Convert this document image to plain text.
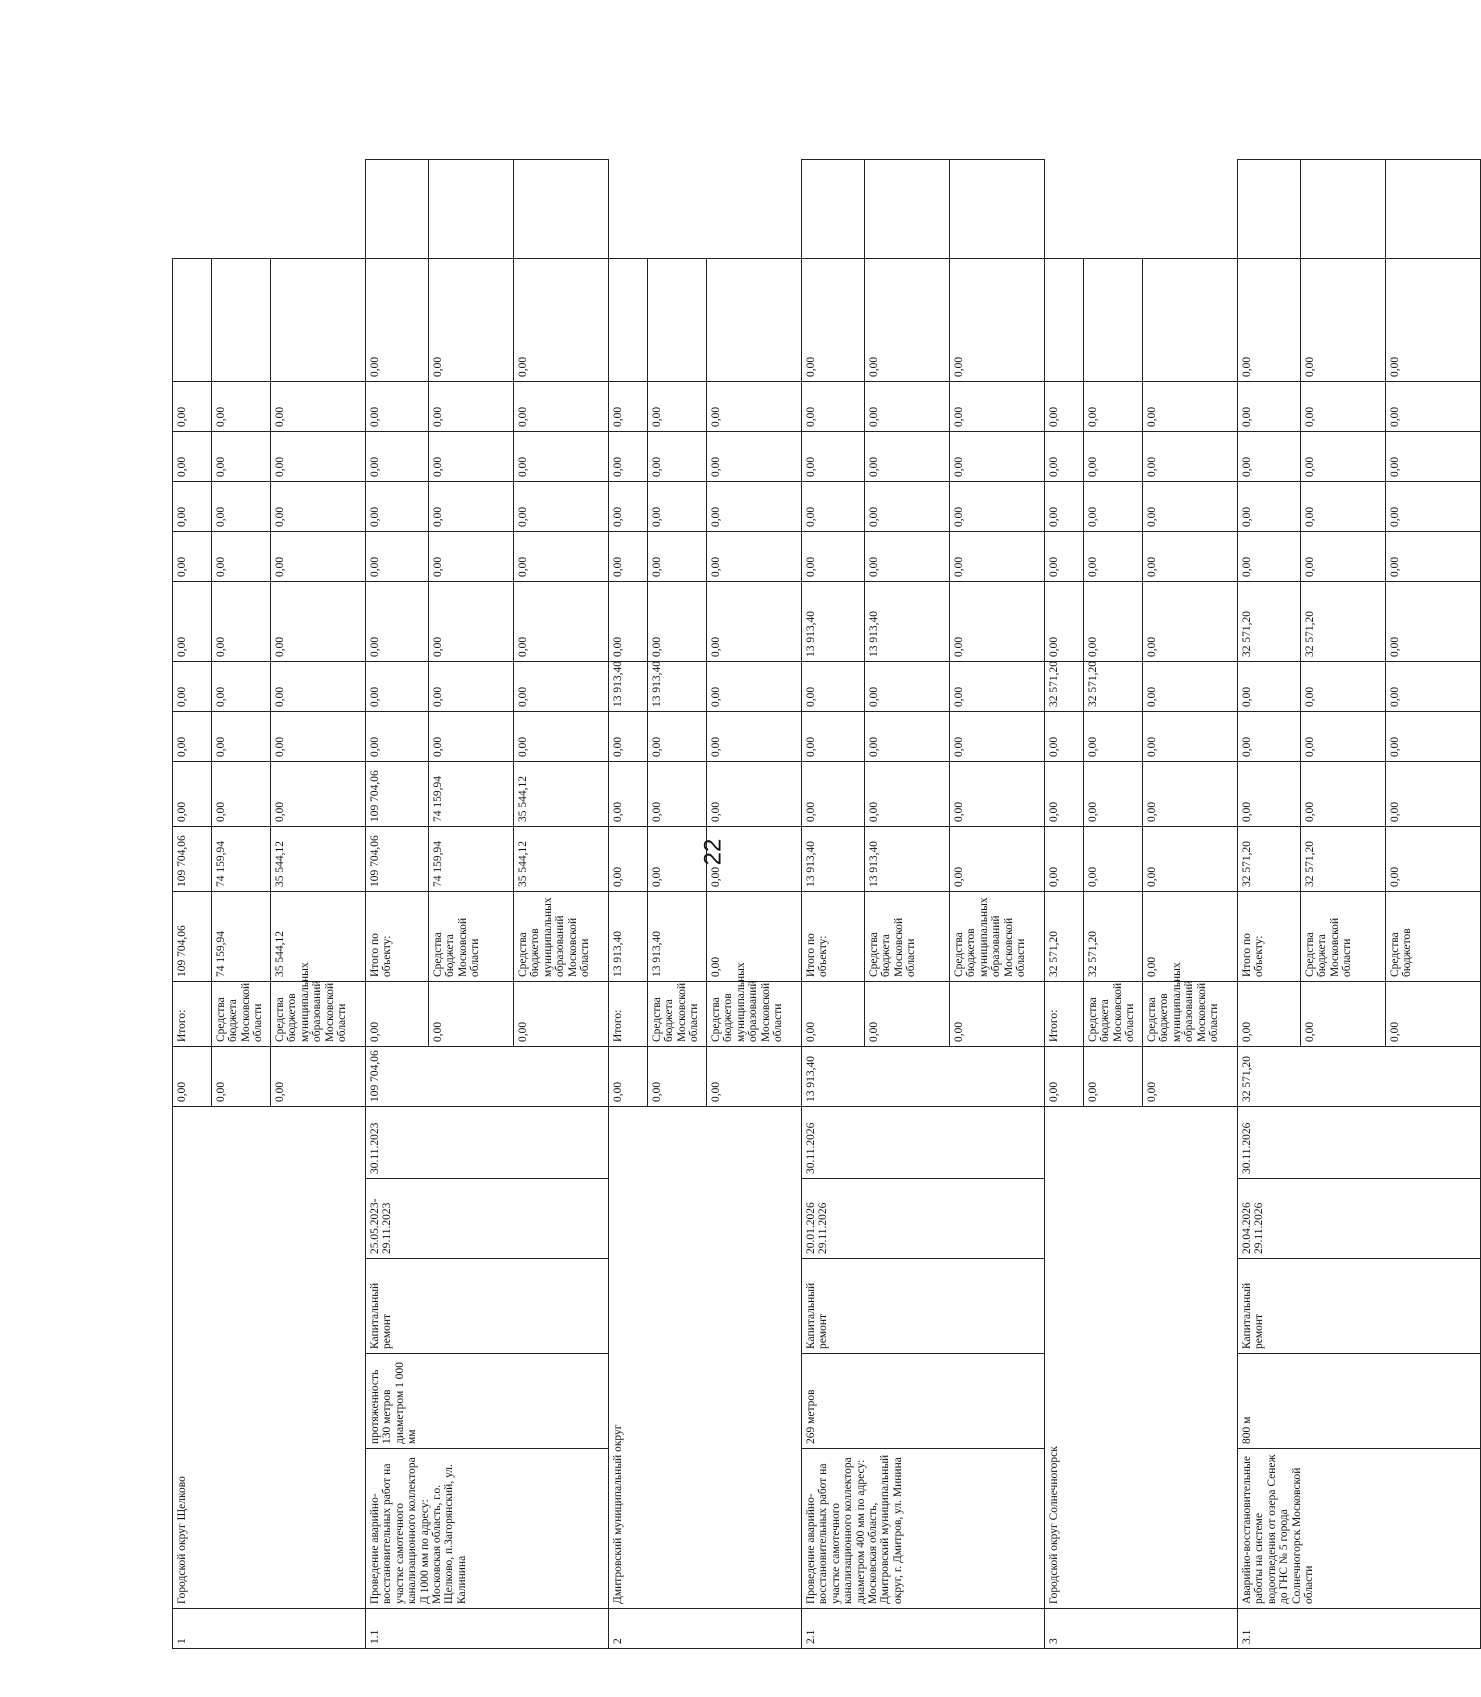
22
1	Городской округ Щелково					0,00	Итого:	109 704,06	109 704,06	0,00	0,00	0,00	0,00	0,00	0,00	0,00	0,00		
						0,00	Средства бюджета Московской области	74 159,94	74 159,94	0,00	0,00	0,00	0,00	0,00	0,00	0,00	0,00		
						0,00	Средства бюджетов муниципальных образований Московской области	35 544,12	35 544,12	0,00	0,00	0,00	0,00	0,00	0,00	0,00	0,00		
1.1	Проведение аварийно-восстановительных работ на участке самотечного канализационного коллектора Д 1000 мм по адресу: Московская область, г.о. Щелково, п.Загорянский, ул. Калинина	протяженность 130 метров диаметром 1 000 мм	Капитальный ремонт	25.05.2023-29.11.2023	30.11.2023	109 704,06	0,00	Итого по объекту:	109 704,06	109 704,06	0,00	0,00	0,00	0,00	0,00	0,00	0,00	0,00	
							0,00	Средства бюджета Московской области	74 159,94	74 159,94	0,00	0,00	0,00	0,00	0,00	0,00	0,00	0,00	
							0,00	Средства бюджетов муниципальных образований Московской области	35 544,12	35 544,12	0,00	0,00	0,00	0,00	0,00	0,00	0,00	0,00	
2	Дмитровский муниципальный округ					0,00	Итого:	13 913,40	0,00	0,00	0,00	13 913,40	0,00	0,00	0,00	0,00	0,00		
						0,00	Средства бюджета Московской области	13 913,40	0,00	0,00	0,00	13 913,40	0,00	0,00	0,00	0,00	0,00		
						0,00	Средства бюджетов муниципальных образований Московской области	0,00	0,00	0,00	0,00	0,00	0,00	0,00	0,00	0,00	0,00		
2.1	Проведение аварийно-восстановительных работ на участке самотечного канализационного коллектора диаметром 400 мм по адресу: Московская область, Дмитровский муниципальный округ, г. Дмитров, ул. Минина	269 метров	Капитальный ремонт	20.01.2026 29.11.2026	30.11.2026	13 913,40	0,00	Итого по объекту:	13 913,40	0,00	0,00	0,00	13 913,40	0,00	0,00	0,00	0,00	0,00	
							0,00	Средства бюджета Московской области	13 913,40	0,00	0,00	0,00	13 913,40	0,00	0,00	0,00	0,00	0,00	
							0,00	Средства бюджетов муниципальных образований Московской области	0,00	0,00	0,00	0,00	0,00	0,00	0,00	0,00	0,00	0,00	
3	Городской округ Солнечногорск					0,00	Итого:	32 571,20	0,00	0,00	0,00	32 571,20	0,00	0,00	0,00	0,00	0,00		
						0,00	Средства бюджета Московской области	32 571,20	0,00	0,00	0,00	32 571,20	0,00	0,00	0,00	0,00	0,00		
						0,00	Средства бюджетов муниципальных образований Московской области	0,00	0,00	0,00	0,00	0,00	0,00	0,00	0,00	0,00	0,00		
3.1	Аварийно-восстановительные работы на системе водоотведения от озера Сенеж до ГНС № 5 города Солнечногорск Московской области	800 м	Капитальный ремонт	20.04.2026 29.11.2026	30.11.2026	32 571,20	0,00	Итого по объекту:	32 571,20	0,00	0,00	0,00	32 571,20	0,00	0,00	0,00	0,00	0,00	
							0,00	Средства бюджета Московской области	32 571,20	0,00	0,00	0,00	32 571,20	0,00	0,00	0,00	0,00	0,00	
							0,00	Средства бюджетов	0,00	0,00	0,00	0,00	0,00	0,00	0,00	0,00	0,00	0,00	
